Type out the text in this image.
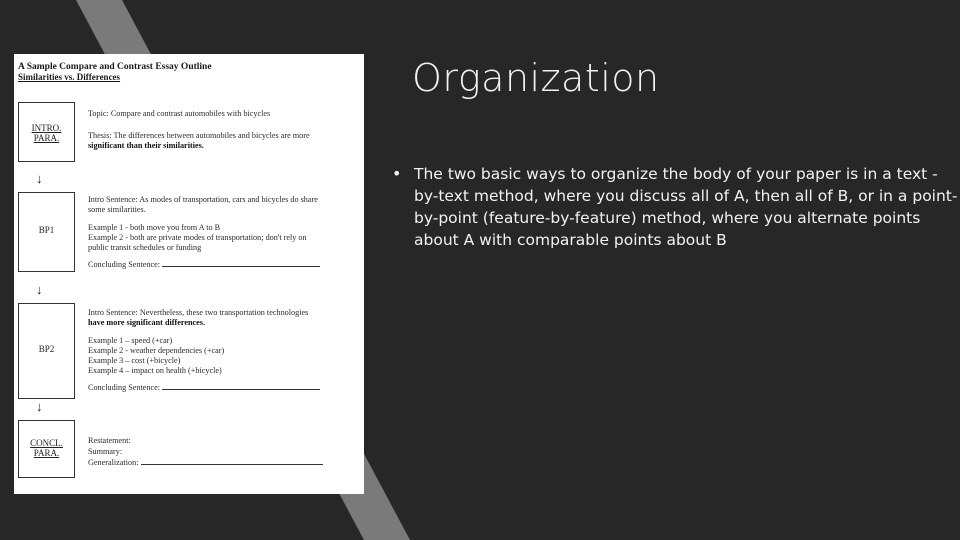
A Sample Compare and Contrast Essay Outline
Similarities vs. Differences
INTRO.
PARA.
Topic: Compare and contrast automobiles with bicycles
Thesis: The differences between automobiles and bicycles are more
significant than their similarities.
↓
BP1
Intro Sentence: As modes of transportation, cars and bicycles do share
some similarities.
Example 1 - both move you from A to B
Example 2 - both are private modes of transportation; don't rely on
public transit schedules or funding
Concluding Sentence:
↓
BP2
Intro Sentence: Nevertheless, these two transportation technologies
have more significant differences.
Example 1 – speed (+car)
Example 2 - weather dependencies (+car)
Example 3 – cost (+bicycle)
Example 4 – impact on health (+bicycle)
Concluding Sentence:
↓
CONCL.
PARA.
Restatement:
Summary:
Generalization:
Organization
• The two basic ways to organize the body of your paper is in a text -by-text method, where you discuss all of A, then all of B, or in a point-by-point (feature-by-feature) method, where you alternate points about A with comparable points about B
